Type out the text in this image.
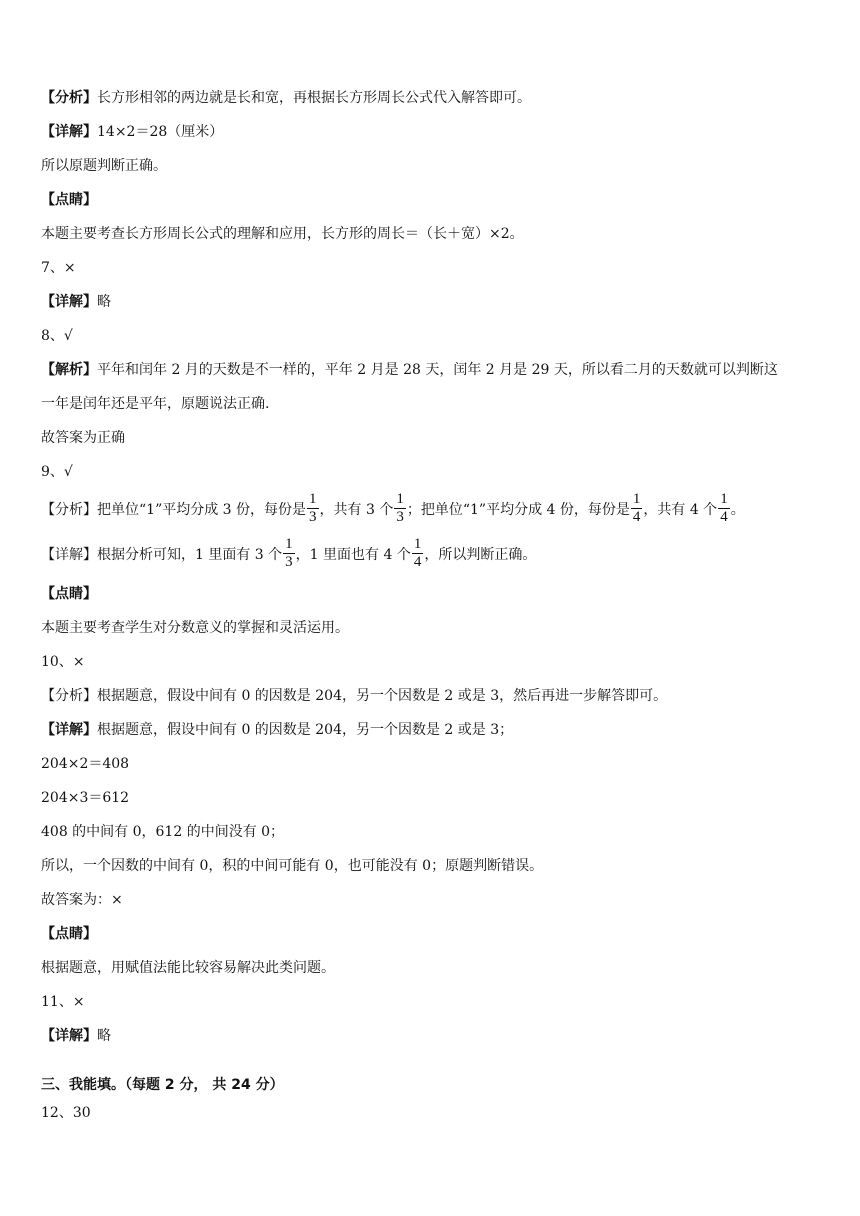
【分析】长方形相邻的两边就是长和宽，再根据长方形周长公式代入解答即可。
【详解】14×2＝28（厘米）
所以原题判断正确。
【点睛】
本题主要考查长方形周长公式的理解和应用，长方形的周长＝（长＋宽）×2。
7、×
【详解】略
8、√
【解析】平年和闰年 2 月的天数是不一样的，平年 2 月是 28 天，闰年 2 月是 29 天，所以看二月的天数就可以判断这
一年是闰年还是平年，原题说法正确.
故答案为正确
9、√
【分析】把单位“1”平均分成 3 份，每份是 $\frac{1}{3}$ ，共有 3 个 $\frac{1}{3}$ ；把单位“1”平均分成 4 份，每份是 $\frac{1}{4}$ ，共有 4 个 $\frac{1}{4}$ 。
【详解】根据分析可知，1 里面有 3 个 $\frac{1}{3}$ ，1 里面也有 4 个 $\frac{1}{4}$ ，所以判断正确。
【点睛】
本题主要考查学生对分数意义的掌握和灵活运用。
10、×
【分析】根据题意，假设中间有 0 的因数是 204，另一个因数是 2 或是 3，然后再进一步解答即可。
【详解】根据题意，假设中间有 0 的因数是 204，另一个因数是 2 或是 3；
204×2＝408
204×3＝612
408 的中间有 0，612 的中间没有 0；
所以，一个因数的中间有 0，积的中间可能有 0，也可能没有 0；原题判断错误。
故答案为：×
【点睛】
根据题意，用赋值法能比较容易解决此类问题。
11、×
【详解】略
三、我能填。（每题 2 分， 共 24 分）
12、30
